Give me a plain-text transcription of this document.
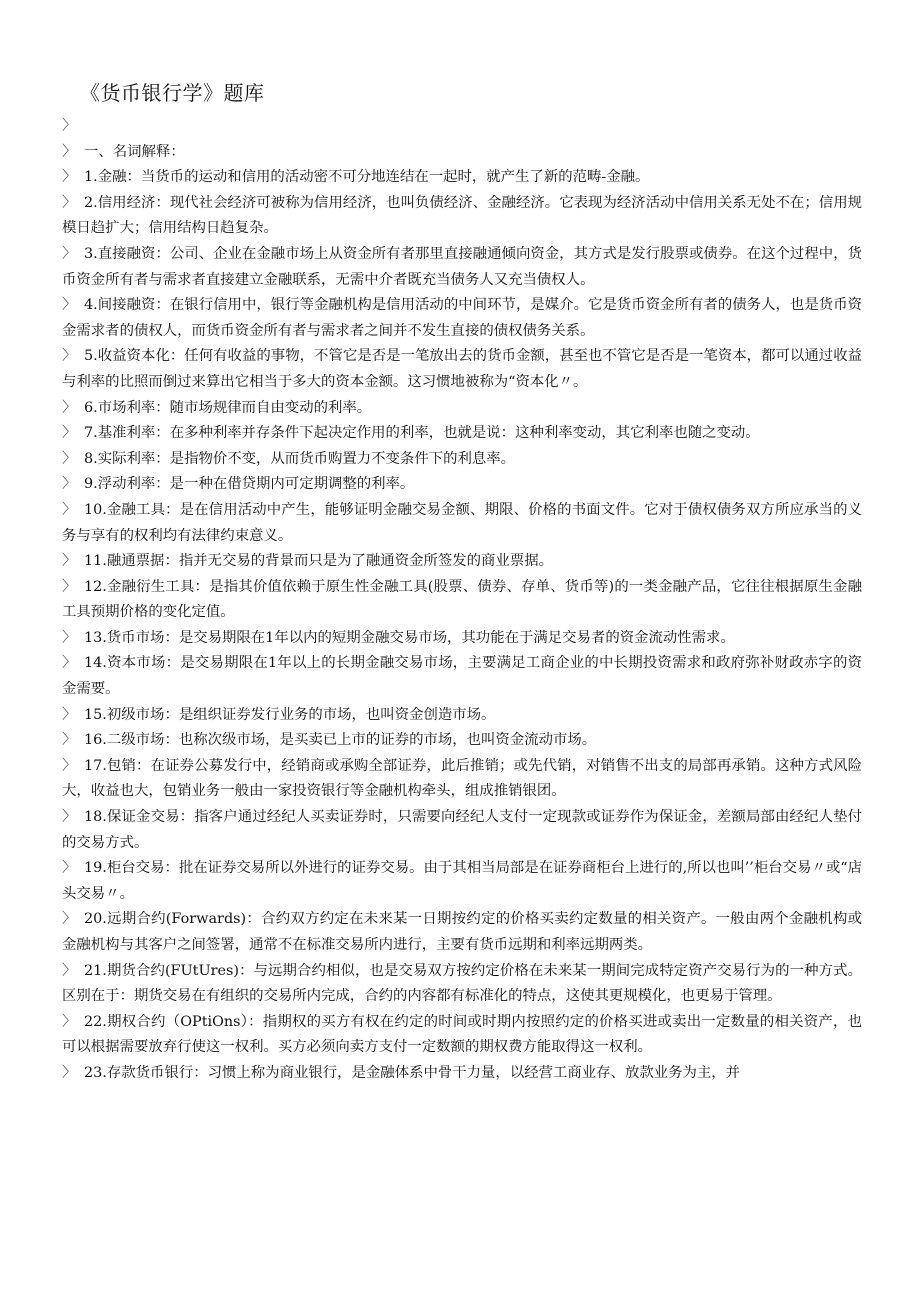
《货币银行学》题库

〉

〉 一、名词解释：

〉 1.金融：当货币的运动和信用的活动密不可分地连结在一起时，就产生了新的范畴-金融。

〉 2.信用经济：现代社会经济可被称为信用经济，也叫负债经济、金融经济。它表现为经济活动中信用关系无处不在；信用规模日趋扩大；信用结构日趋复杂。

〉 3.直接融资：公司、企业在金融市场上从资金所有者那里直接融通倾向资金，其方式是发行股票或债券。在这个过程中，货币资金所有者与需求者直接建立金融联系，无需中介者既充当债务人又充当债权人。

〉 4.间接融资：在银行信用中，银行等金融机构是信用活动的中间环节，是媒介。它是货币资金所有者的债务人，也是货币资金需求者的债权人，而货币资金所有者与需求者之间并不发生直接的债权债务关系。

〉 5.收益资本化：任何有收益的事物，不管它是否是一笔放出去的货币金额，甚至也不管它是否是一笔资本，都可以通过收益与利率的比照而倒过来算出它相当于多大的资本金额。这习惯地被称为“资本化〃。

〉 6.市场利率：随市场规律而自由变动的利率。

〉 7.基准利率：在多种利率并存条件下起决定作用的利率，也就是说：这种利率变动，其它利率也随之变动。

〉 8.实际利率：是指物价不变，从而货币购置力不变条件下的利息率。

〉 9.浮动利率：是一种在借贷期内可定期调整的利率。

〉 10.金融工具：是在信用活动中产生，能够证明金融交易金额、期限、价格的书面文件。它对于债权债务双方所应承当的义务与享有的权利均有法律约束意义。

〉 11.融通票据：指并无交易的背景而只是为了融通资金所签发的商业票据。

〉 12.金融衍生工具：是指其价值依赖于原生性金融工具(股票、债券、存单、货币等)的一类金融产品，它往往根据原生金融工具预期价格的变化定值。

〉 13.货币市场：是交易期限在1年以内的短期金融交易市场，其功能在于满足交易者的资金流动性需求。

〉 14.资本市场：是交易期限在1年以上的长期金融交易市场，主要满足工商企业的中长期投资需求和政府弥补财政赤字的资金需要。

〉 15.初级市场：是组织证券发行业务的市场，也叫资金创造市场。

〉 16.二级市场：也称次级市场，是买卖已上市的证券的市场，也叫资金流动市场。

〉 17.包销：在证券公募发行中，经销商或承购全部证券，此后推销；或先代销，对销售不出支的局部再承销。这种方式风险大，收益也大，包销业务一般由一家投资银行等金融机构牵头，组成推销银团。

〉 18.保证金交易：指客户通过经纪人买卖证券时，只需要向经纪人支付一定现款或证券作为保证金，差额局部由经纪人垫付的交易方式。

〉 19.柜台交易：批在证券交易所以外进行的证券交易。由于其相当局部是在证券商柜台上进行的,所以也叫’’柜台交易〃或“店头交易〃。

〉 20.远期合约(Forwards)：合约双方约定在未来某一日期按约定的价格买卖约定数量的相关资产。一般由两个金融机构或金融机构与其客户之间签署，通常不在标准交易所内进行，主要有货币远期和利率远期两类。

〉 21.期货合约(FUtUres)：与远期合约相似，也是交易双方按约定价格在未来某一期间完成特定资产交易行为的一种方式。区别在于：期货交易在有组织的交易所内完成，合约的内容都有标准化的特点，这使其更规模化，也更易于管理。

〉 22.期权合约（OPtiOns）：指期权的买方有权在约定的时间或时期内按照约定的价格买进或卖出一定数量的相关资产，也可以根据需要放弃行使这一权利。买方必须向卖方支付一定数额的期权费方能取得这一权利。

〉 23.存款货币银行：习惯上称为商业银行，是金融体系中骨干力量，以经营工商业存、放款业务为主，并
